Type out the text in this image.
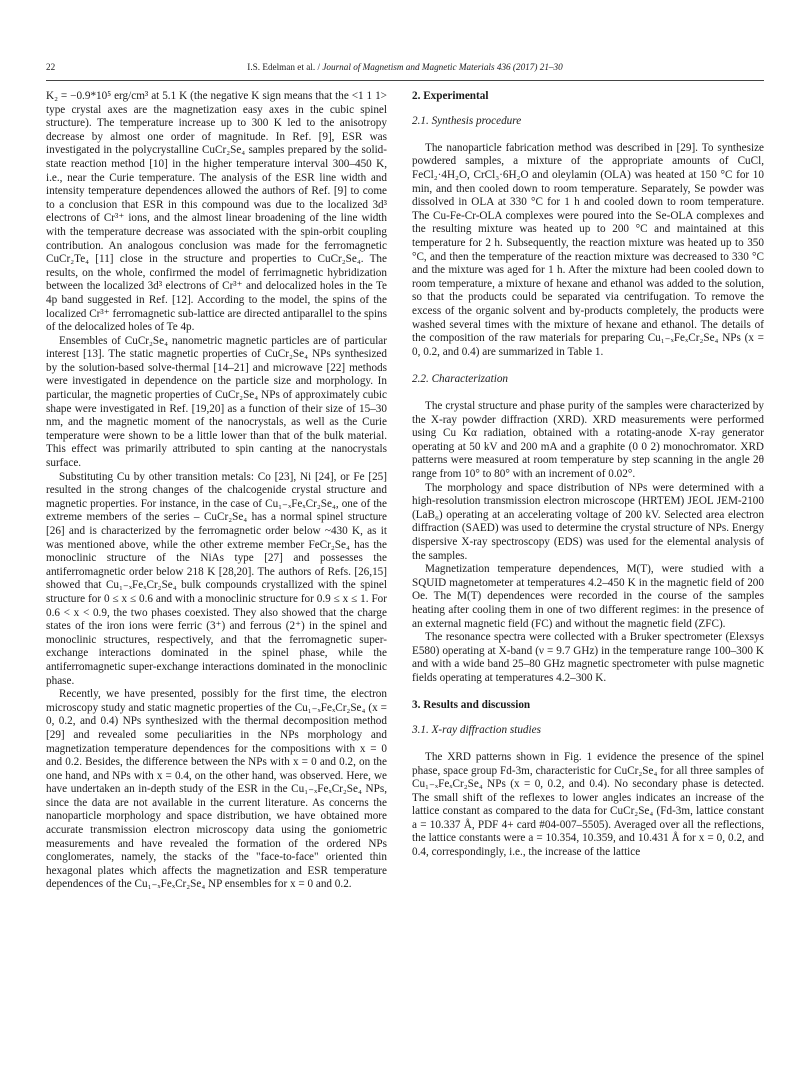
22	I.S. Edelman et al. / Journal of Magnetism and Magnetic Materials 436 (2017) 21–30

K₂ = −0.9*10⁵ erg/cm³ at 5.1 K (the negative K sign means that the <1 1 1> type crystal axes are the magnetization easy axes in the cubic spinel structure). The temperature increase up to 300 K led to the anisotropy decrease by almost one order of magnitude. In Ref. [9], ESR was investigated in the polycrystalline CuCr₂Se₄ samples prepared by the solid-state reaction method [10] in the higher temperature interval 300–450 K, i.e., near the Curie temperature. The analysis of the ESR line width and intensity temperature dependences allowed the authors of Ref. [9] to come to a conclusion that ESR in this compound was due to the localized 3d³ electrons of Cr³⁺ ions, and the almost linear broadening of the line width with the temperature decrease was associated with the spin-orbit coupling contribution. An analogous conclusion was made for the ferromagnetic CuCr₂Te₄ [11] close in the structure and properties to CuCr₂Se₄. The results, on the whole, confirmed the model of ferrimagnetic hybridization between the localized 3d³ electrons of Cr³⁺ and delocalized holes in the Te 4p band suggested in Ref. [12]. According to the model, the spins of the localized Cr³⁺ ferromagnetic sub-lattice are directed antiparallel to the spins of the delocalized holes of Te 4p.

Ensembles of CuCr₂Se₄ nanometric magnetic particles are of particular interest [13]. The static magnetic properties of CuCr₂Se₄ NPs synthesized by the solution-based solve-thermal [14–21] and microwave [22] methods were investigated in dependence on the particle size and morphology. In particular, the magnetic properties of CuCr₂Se₄ NPs of approximately cubic shape were investigated in Ref. [19,20] as a function of their size of 15–30 nm, and the magnetic moment of the nanocrystals, as well as the Curie temperature were shown to be a little lower than that of the bulk material. This effect was primarily attributed to spin canting at the nanocrystals surface.

Substituting Cu by other transition metals: Co [23], Ni [24], or Fe [25] resulted in the strong changes of the chalcogenide crystal structure and magnetic properties. For instance, in the case of Cu₁₋ₓFeₓCr₂Se₄, one of the extreme members of the series – CuCr₂Se₄ has a normal spinel structure [26] and is characterized by the ferromagnetic order below ~430 K, as it was mentioned above, while the other extreme member FeCr₂Se₄ has the monoclinic structure of the NiAs type [27] and possesses the antiferromagnetic order below 218 K [28,20]. The authors of Refs. [26,15] showed that Cu₁₋ₓFeₓCr₂Se₄ bulk compounds crystallized with the spinel structure for 0 ≤ x ≤ 0.6 and with a monoclinic structure for 0.9 ≤ x ≤ 1. For 0.6 < x < 0.9, the two phases coexisted. They also showed that the charge states of the iron ions were ferric (3⁺) and ferrous (2⁺) in the spinel and monoclinic structures, respectively, and that the ferromagnetic super-exchange interactions dominated in the spinel phase, while the antiferromagnetic super-exchange interactions dominated in the monoclinic phase.

Recently, we have presented, possibly for the first time, the electron microscopy study and static magnetic properties of the Cu₁₋ₓFeₓCr₂Se₄ (x = 0, 0.2, and 0.4) NPs synthesized with the thermal decomposition method [29] and revealed some peculiarities in the NPs morphology and magnetization temperature dependences for the compositions with x = 0 and 0.2. Besides, the difference between the NPs with x = 0 and 0.2, on the one hand, and NPs with x = 0.4, on the other hand, was observed. Here, we have undertaken an in-depth study of the ESR in the Cu₁₋ₓFeₓCr₂Se₄ NPs, since the data are not available in the current literature. As concerns the nanoparticle morphology and space distribution, we have obtained more accurate transmission electron microscopy data using the goniometric measurements and have revealed the formation of the ordered NPs conglomerates, namely, the stacks of the "face-to-face" oriented thin hexagonal plates which affects the magnetization and ESR temperature dependences of the Cu₁₋ₓFeₓCr₂Se₄ NP ensembles for x = 0 and 0.2.

2. Experimental
2.1. Synthesis procedure

The nanoparticle fabrication method was described in [29]. To synthesize powdered samples, a mixture of the appropriate amounts of CuCl, FeCl₂·4H₂O, CrCl₃·6H₂O and oleylamin (OLA) was heated at 150 °C for 10 min, and then cooled down to room temperature. Separately, Se powder was dissolved in OLA at 330 °C for 1 h and cooled down to room temperature. The Cu-Fe-Cr-OLA complexes were poured into the Se-OLA complexes and the resulting mixture was heated up to 200 °C and maintained at this temperature for 2 h. Subsequently, the reaction mixture was heated up to 350 °C, and then the temperature of the reaction mixture was decreased to 330 °C and the mixture was aged for 1 h. After the mixture had been cooled down to room temperature, a mixture of hexane and ethanol was added to the solution, so that the products could be separated via centrifugation. To remove the excess of the organic solvent and by-products completely, the products were washed several times with the mixture of hexane and ethanol. The details of the composition of the raw materials for preparing Cu₁₋ₓFeₓCr₂Se₄ NPs (x = 0, 0.2, and 0.4) are summarized in Table 1.

2.2. Characterization

The crystal structure and phase purity of the samples were characterized by the X-ray powder diffraction (XRD). XRD measurements were performed using Cu Kα radiation, obtained with a rotating-anode X-ray generator operating at 50 kV and 200 mA and a graphite (0 0 2) monochromator. XRD patterns were measured at room temperature by step scanning in the angle 2θ range from 10° to 80° with an increment of 0.02°.

The morphology and space distribution of NPs were determined with a high-resolution transmission electron microscope (HRTEM) JEOL JEM-2100 (LaB₆) operating at an accelerating voltage of 200 kV. Selected area electron diffraction (SAED) was used to determine the crystal structure of NPs. Energy dispersive X-ray spectroscopy (EDS) was used for the elemental analysis of the samples.

Magnetization temperature dependences, M(T), were studied with a SQUID magnetometer at temperatures 4.2–450 K in the magnetic field of 200 Oe. The M(T) dependences were recorded in the course of the samples heating after cooling them in one of two different regimes: in the presence of an external magnetic field (FC) and without the magnetic field (ZFC).

The resonance spectra were collected with a Bruker spectrometer (Elexsys E580) operating at X-band (ν = 9.7 GHz) in the temperature range 100–300 K and with a wide band 25–80 GHz magnetic spectrometer with pulse magnetic fields operating at temperatures 4.2–300 K.

3. Results and discussion
3.1. X-ray diffraction studies

The XRD patterns shown in Fig. 1 evidence the presence of the spinel phase, space group Fd-3m, characteristic for CuCr₂Se₄ for all three samples of Cu₁₋ₓFeₓCr₂Se₄ NPs (x = 0, 0.2, and 0.4). No secondary phase is detected. The small shift of the reflexes to lower angles indicates an increase of the lattice constant as compared to the data for CuCr₂Se₄ (Fd-3m, lattice constant a = 10.337 Å, PDF 4+ card #04-007–5505). Averaged over all the reflections, the lattice constants were a = 10.354, 10.359, and 10.431 Å for x = 0, 0.2, and 0.4, correspondingly, i.e., the increase of the lattice
